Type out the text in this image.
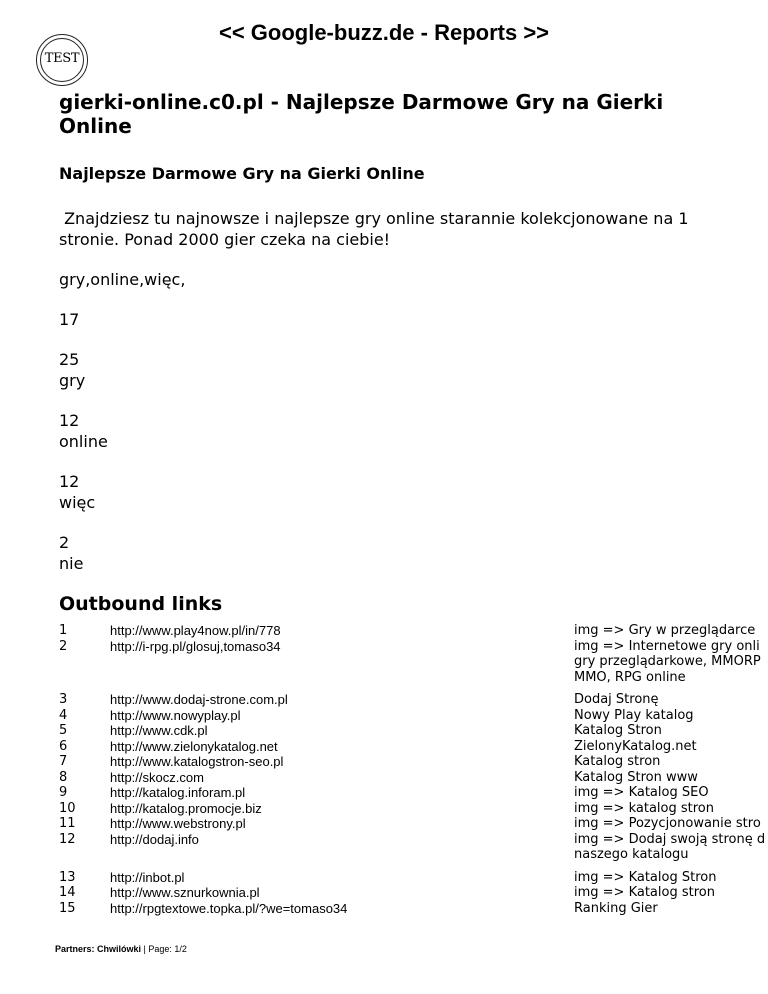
<< Google-buzz.de - Reports >>
TEST
gierki-online.c0.pl - Najlepsze Darmowe Gry na Gierki Online
Najlepsze Darmowe Gry na Gierki Online
Znajdziesz tu najnowsze i najlepsze gry online starannie kolekcjonowane na 1 stronie. Ponad 2000 gier czeka na ciebie!
gry,online,więc,
17
25
gry
12
online
12
więc
2
nie
Outbound links
1	http://www.play4now.pl/in/778	img => Gry w przeglądarce
2	http://i-rpg.pl/glosuj,tomaso34	img => Internetowe gry onli
gry przeglądarkowe, MMORP
MMO, RPG online
3	http://www.dodaj-strone.com.pl	Dodaj Stronę
4	http://www.nowyplay.pl	Nowy Play katalog
5	http://www.cdk.pl	Katalog Stron
6	http://www.zielonykatalog.net	ZielonyKatalog.net
7	http://www.katalogstron-seo.pl	Katalog stron
8	http://skocz.com	Katalog Stron www
9	http://katalog.inforam.pl	img => Katalog SEO
10	http://katalog.promocje.biz	img => katalog stron
11	http://www.webstrony.pl	img => Pozycjonowanie stro
12	http://dodaj.info	img => Dodaj swoją stronę d
naszego katalogu
13	http://inbot.pl	img => Katalog Stron
14	http://www.sznurkownia.pl	img => Katalog stron
15	http://rpgtextowe.topka.pl/?we=tomaso34	Ranking Gier
Partners: Chwilówki | Page: 1/2
